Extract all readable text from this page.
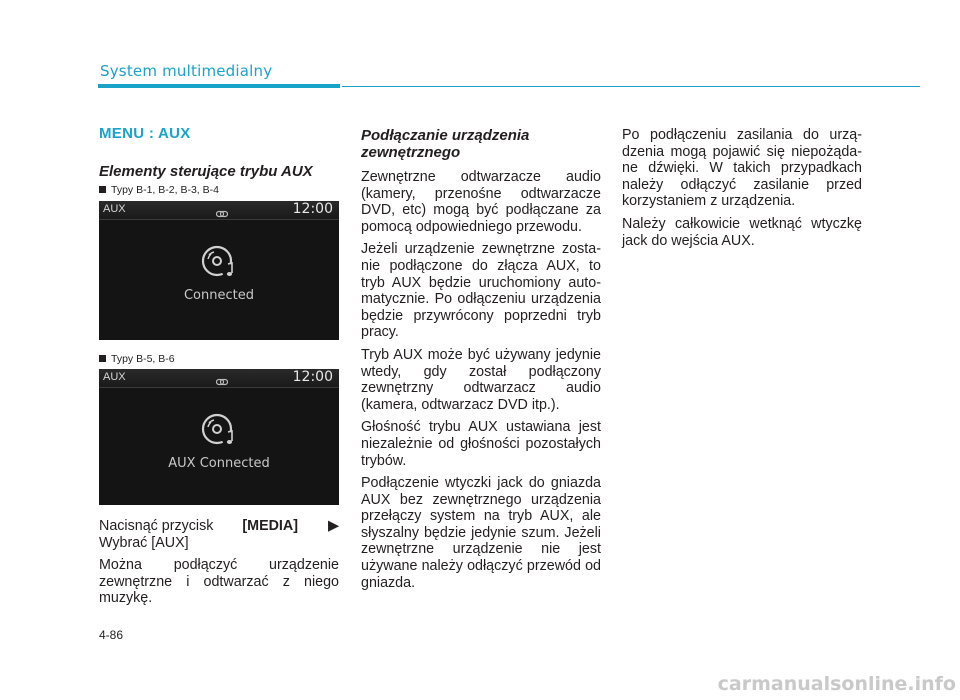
System multimedialny
MENU : AUX
Elementy sterujące trybu AUX
Typy B-1, B-2, B-3, B-4
AUX	12:00
Connected
Typy B-5, B-6
AUX	12:00
AUX Connected
Nacisnąć przycisk [MEDIA] ▶
Wybrać [AUX]

Można podłączyć urządzenie zewnętrzne i odtwarzać z niego muzykę.

Podłączanie urządzenia zewnętrznego

Zewnętrzne odtwarzacze audio (kamery, przenośne odtwarzacze DVD, etc) mogą być podłączane za pomocą odpowiedniego przewodu.

Jeżeli urządzenie zewnętrzne zostanie podłączone do złącza AUX, to tryb AUX będzie uruchomiony automatycznie. Po odłączeniu urządzenia będzie przywrócony poprzedni tryb pracy.

Tryb AUX może być używany jedynie wtedy, gdy został podłączony zewnętrzny odtwarzacz audio (kamera, odtwarzacz DVD itp.).

Głośność trybu AUX ustawiana jest niezależnie od głośności pozostałych trybów.

Podłączenie wtyczki jack do gniazda AUX bez zewnętrznego urządzenia przełączy system na tryb AUX, ale słyszalny będzie jedynie szum. Jeżeli zewnętrzne urządzenie nie jest używane należy odłączyć przewód od gniazda.

Po podłączeniu zasilania do urządzenia mogą pojawić się niepożądane dźwięki. W takich przypadkach należy odłączyć zasilanie przed korzystaniem z urządzenia.

Należy całkowicie wetknąć wtyczkę jack do wejścia AUX.

4-86
carmanualsonline.info
